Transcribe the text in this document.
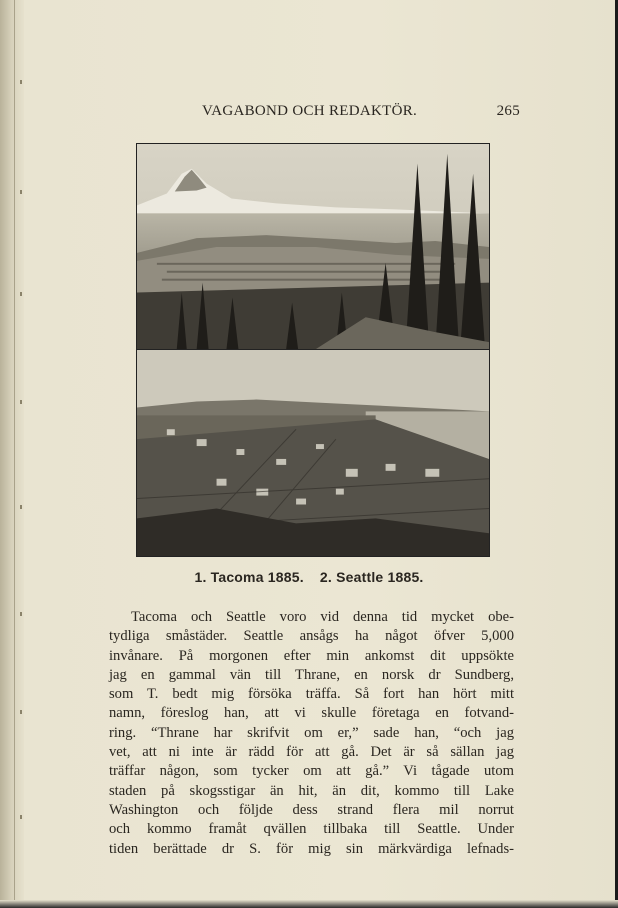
VAGABOND OCH REDAKTÖR.	265
1. Tacoma 1885. 2. Seattle 1885.
Tacoma och Seattle voro vid denna tid mycket obe-
tydliga småstäder. Seattle ansågs ha något öfver 5,000
invånare. På morgonen efter min ankomst dit uppsökte
jag en gammal vän till Thrane, en norsk dr Sundberg,
som T. bedt mig försöka träffa. Så fort han hört mitt
namn, föreslog han, att vi skulle företaga en fotvand-
ring. “Thrane har skrifvit om er,” sade han, “och jag
vet, att ni inte är rädd för att gå. Det är så sällan jag
träffar någon, som tycker om att gå.” Vi tågade utom
staden på skogsstigar än hit, än dit, kommo till Lake
Washington och följde dess strand flera mil norrut
och kommo framåt qvällen tillbaka till Seattle. Under
tiden berättade dr S. för mig sin märkvärdiga lefnads-
